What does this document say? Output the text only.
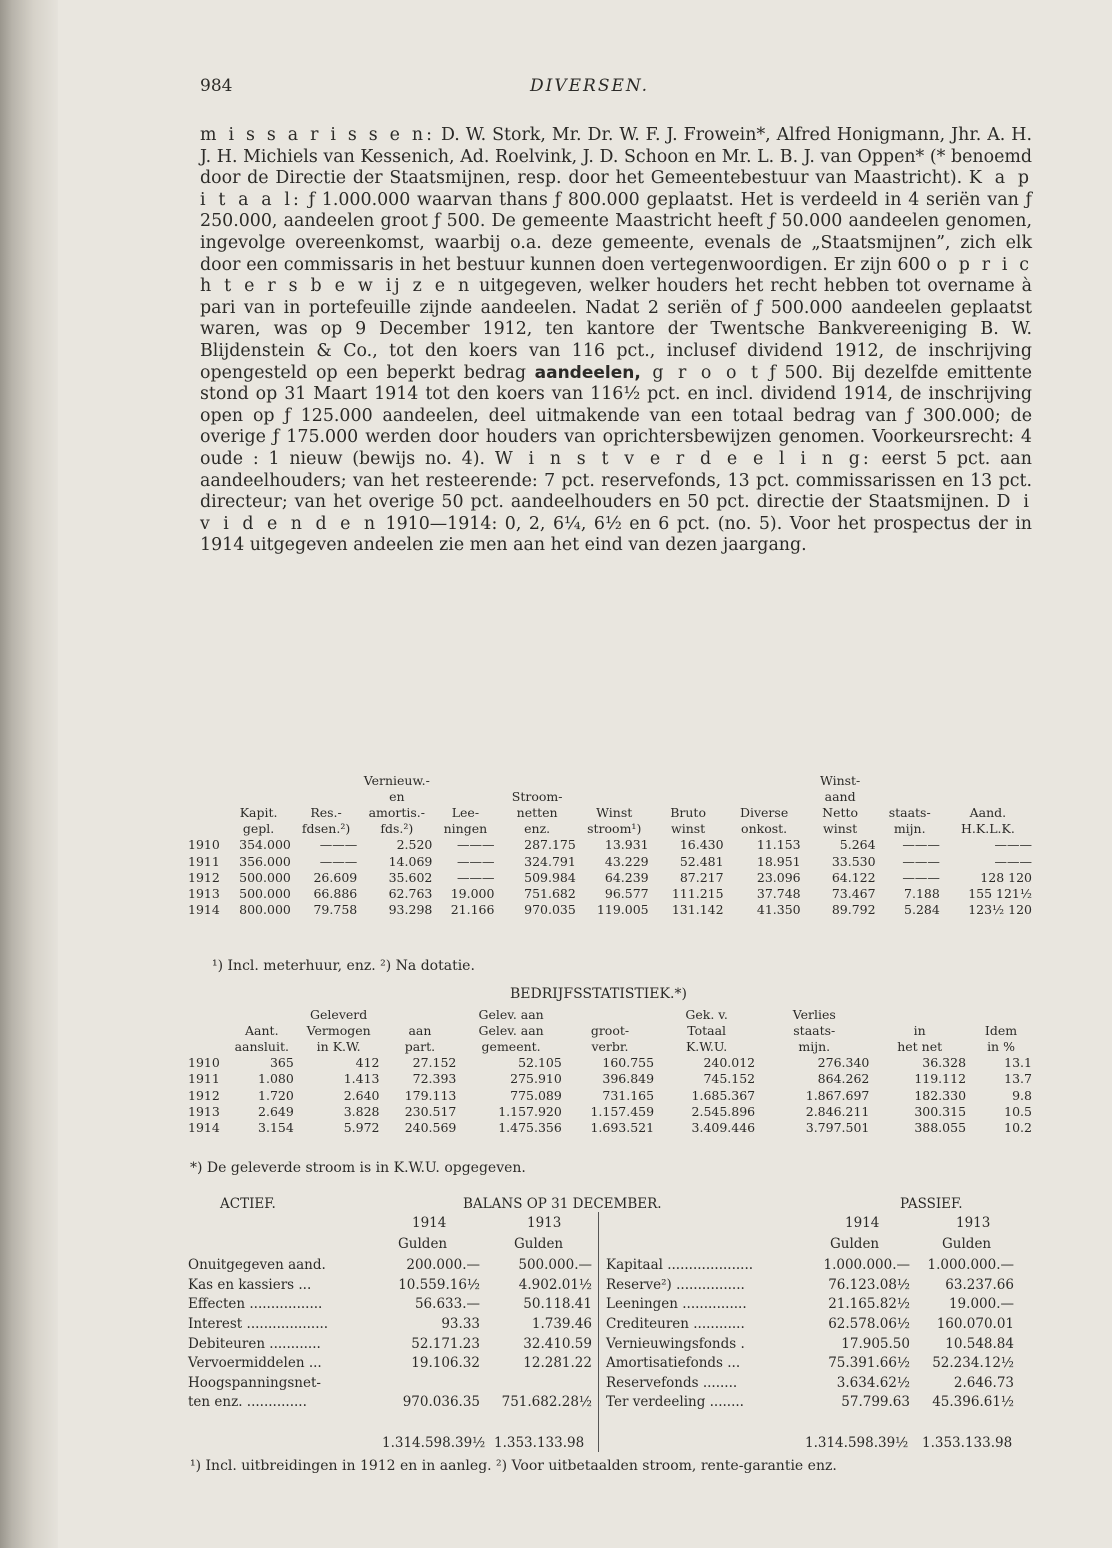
984	DIVERSEN.
m i s s a r i s s e n: D. W. Stork, Mr. Dr. W. F. J. Frowein*, Alfred Honigmann, Jhr. A. H. J. H. Michiels van Kessenich, Ad. Roelvink, J. D. Schoon en Mr. L. B. J. van Oppen* (* benoemd door de Directie der Staatsmijnen, resp. door het Gemeentebestuur van Maastricht). K a p i t a a l: ƒ 1.000.000 waarvan thans ƒ 800.000 geplaatst. Het is verdeeld in 4 seriën van ƒ 250.000, aandeelen groot ƒ 500. De gemeente Maastricht heeft ƒ 50.000 aandeelen genomen, ingevolge overeenkomst, waarbij o.a. deze gemeente, evenals de „Staatsmijnen”, zich elk door een commissaris in het bestuur kunnen doen vertegenwoordigen. Er zijn 600 o p r i c h t e r s b e w ij z e n uitgegeven, welker houders het recht hebben tot overname à pari van in portefeuille zijnde aandeelen. Nadat 2 seriën of ƒ 500.000 aandeelen geplaatst waren, was op 9 December 1912, ten kantore der Twentsche Bankvereeniging B. W. Blijdenstein & Co., tot den koers van 116 pct., inclusef dividend 1912, de inschrijving opengesteld op een beperkt bedrag aandeelen, g r o o t ƒ 500. Bij dezelfde emittente stond op 31 Maart 1914 tot den koers van 116½ pct. en incl. dividend 1914, de inschrijving open op ƒ 125.000 aandeelen, deel uitmakende van een totaal bedrag van ƒ 300.000; de overige ƒ 175.000 werden door houders van oprichtersbewijzen genomen. Voorkeursrecht: 4 oude : 1 nieuw (bewijs no. 4). W i n s t v e r d e e l i n g: eerst 5 pct. aan aandeelhouders; van het resteerende: 7 pct. reservefonds, 13 pct. commissarissen en 13 pct. directeur; van het overige 50 pct. aandeelhouders en 50 pct. directie der Staatsmijnen. D i v i d e n d e n 1910—1914: 0, 2, 6¼, 6½ en 6 pct. (no. 5). Voor het prospectus der in 1914 uitgegeven andeelen zie men aan het eind van dezen jaargang.
			Vernieuw.-						Winst-		
			en		Stroom-				aand		
	Kapit.	Res.-	amortis.-	Lee-	netten	Winst	Bruto	Diverse	Netto	staats-	Aand.
	gepl.	fdsen.²)	fds.²)	ningen	enz.	stroom¹)	winst	onkost.	winst	mijn.	H.K.L.K.
1910	354.000	———	2.520	———	287.175	13.931	16.430	11.153	5.264	———	———
1911	356.000	———	14.069	———	324.791	43.229	52.481	18.951	33.530	———	———
1912	500.000	26.609	35.602	———	509.984	64.239	87.217	23.096	64.122	———	128 120
1913	500.000	66.886	62.763	19.000	751.682	96.577	111.215	37.748	73.467	7.188	155 121½
1914	800.000	79.758	93.298	21.166	970.035	119.005	131.142	41.350	89.792	5.284	123½ 120
¹) Incl. meterhuur, enz. ²) Na dotatie.
BEDRIJFSSTATISTIEK.*)
		Geleverd		Gelev. aan		Gek. v.	Verlies		
	Aant.	Vermogen	aan	Gelev. aan	groot-	Totaal	staats-	in	Idem
	aansluit.	in K.W.	part.	gemeent.	verbr.	K.W.U.	mijn.	het net	in %
1910	365	412	27.152	52.105	160.755	240.012	276.340	36.328	13.1
1911	1.080	1.413	72.393	275.910	396.849	745.152	864.262	119.112	13.7
1912	1.720	2.640	179.113	775.089	731.165	1.685.367	1.867.697	182.330	9.8
1913	2.649	3.828	230.517	1.157.920	1.157.459	2.545.896	2.846.211	300.315	10.5
1914	3.154	5.972	240.569	1.475.356	1.693.521	3.409.446	3.797.501	388.055	10.2
*) De geleverde stroom is in K.W.U. opgegeven.
ACTIEF.	BALANS OP 31 DECEMBER.	PASSIEF.
1914	1913
Gulden	Gulden
1914	1913
Gulden	Gulden
Onuitgegeven aand.	200.000.—	500.000.—
Kas en kassiers ...	10.559.16½	4.902.01½
Effecten .................	56.633.—	50.118.41
Interest ...................	93.33	1.739.46
Debiteuren ............	52.171.23	32.410.59
Vervoermiddelen ...	19.106.32	12.281.22
Hoogspanningsnet-		
ten enz. ..............	970.036.35	751.682.28½
Kapitaal ....................	1.000.000.—	1.000.000.—
Reserve²) ................	76.123.08½	63.237.66
Leeningen ...............	21.165.82½	19.000.—
Crediteuren ............	62.578.06½	160.070.01
Vernieuwingsfonds .	17.905.50	10.548.84
Amortisatiefonds ...	75.391.66½	52.234.12½
Reservefonds ........	3.634.62½	2.646.73
Ter verdeeling ........	57.799.63	45.396.61½
1.314.598.39½ 1.353.133.98	1.314.598.39½ 1.353.133.98
¹) Incl. uitbreidingen in 1912 en in aanleg. ²) Voor uitbetaalden stroom, rente-garantie enz.
